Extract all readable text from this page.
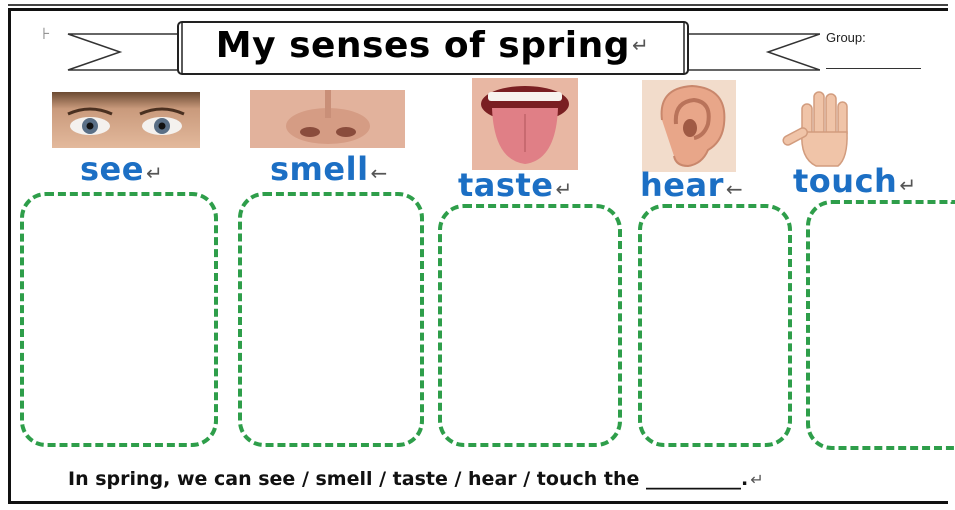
⊦	My senses of spring ↵	Group:
see ↵	smell ← taste ↵ hear ← touch ↵
In spring, we can see / smell / taste / hear / touch the __________. ↵
